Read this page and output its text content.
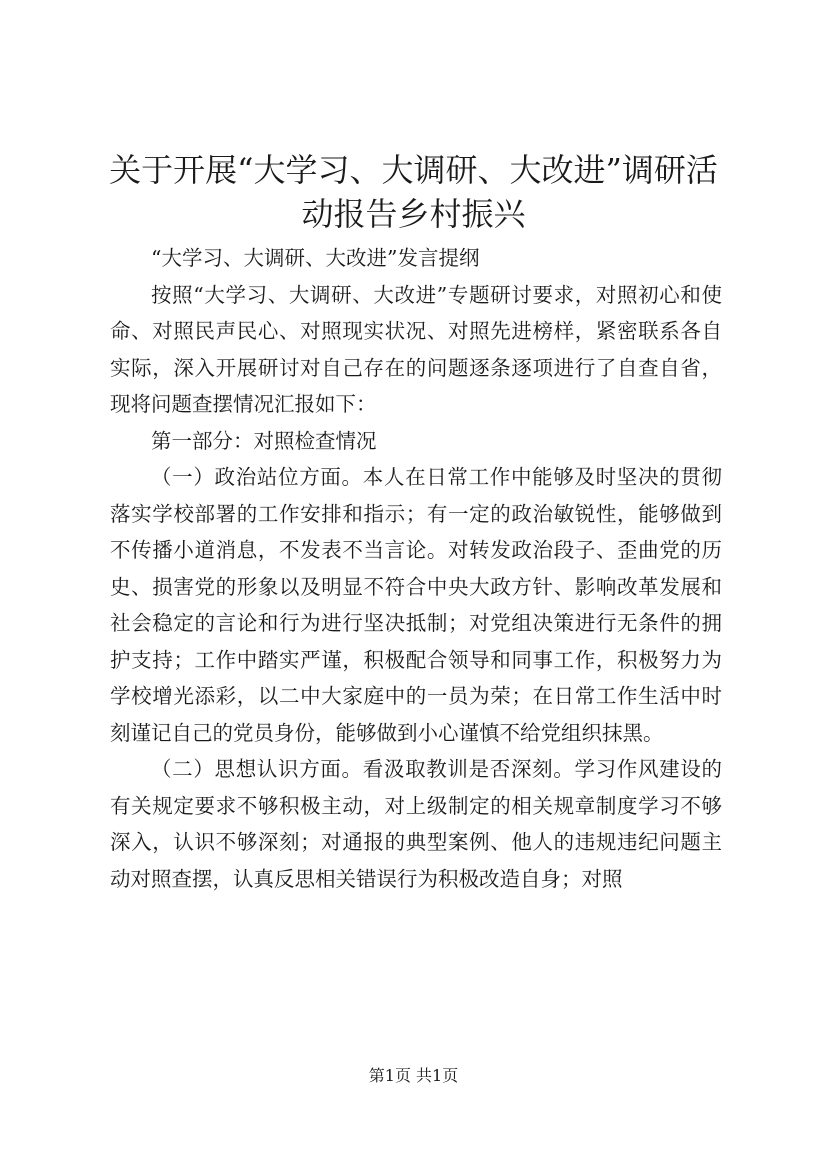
关于开展“大学习、大调研、大改进”调研活动报告乡村振兴

“大学习、大调研、大改进”发言提纲

按照“大学习、大调研、大改进”专题研讨要求，对照初心和使命、对照民声民心、对照现实状况、对照先进榜样，紧密联系各自实际，深入开展研讨对自己存在的问题逐条逐项进行了自查自省，现将问题查摆情况汇报如下：

第一部分：对照检查情况

（一）政治站位方面。本人在日常工作中能够及时坚决的贯彻落实学校部署的工作安排和指示；有一定的政治敏锐性，能够做到不传播小道消息，不发表不当言论。对转发政治段子、歪曲党的历史、损害党的形象以及明显不符合中央大政方针、影响改革发展和社会稳定的言论和行为进行坚决抵制；对党组决策进行无条件的拥护支持；工作中踏实严谨，积极配合领导和同事工作，积极努力为学校增光添彩，以二中大家庭中的一员为荣；在日常工作生活中时刻谨记自己的党员身份，能够做到小心谨慎不给党组织抹黑。

（二）思想认识方面。看汲取教训是否深刻。学习作风建设的有关规定要求不够积极主动，对上级制定的相关规章制度学习不够深入，认识不够深刻；对通报的典型案例、他人的违规违纪问题主动对照查摆，认真反思相关错误行为积极改造自身；对照

第1页 共1页
